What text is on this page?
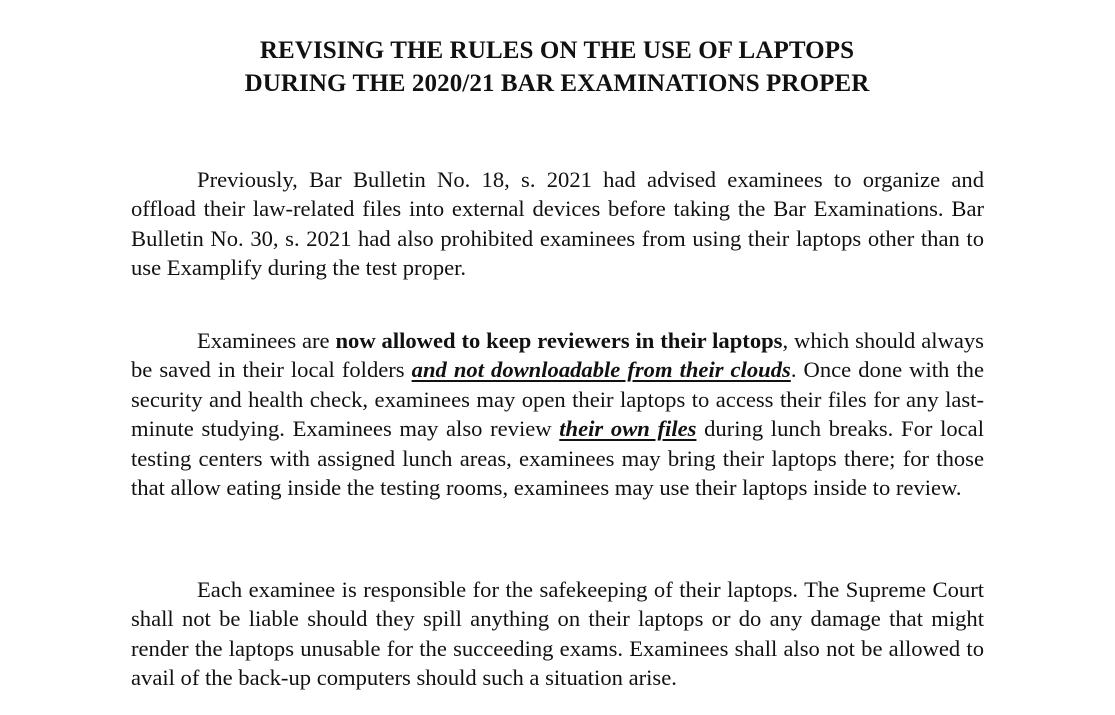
REVISING THE RULES ON THE USE OF LAPTOPS
DURING THE 2020/21 BAR EXAMINATIONS PROPER

Previously, Bar Bulletin No. 18, s. 2021 had advised examinees to organize and offload their law-related files into external devices before taking the Bar Examinations. Bar Bulletin No. 30, s. 2021 had also prohibited examinees from using their laptops other than to use Examplify during the test proper.

Examinees are now allowed to keep reviewers in their laptops, which should always be saved in their local folders and not downloadable from their clouds. Once done with the security and health check, examinees may open their laptops to access their files for any last-minute studying. Examinees may also review their own files during lunch breaks. For local testing centers with assigned lunch areas, examinees may bring their laptops there; for those that allow eating inside the testing rooms, examinees may use their laptops inside to review.

Each examinee is responsible for the safekeeping of their laptops. The Supreme Court shall not be liable should they spill anything on their laptops or do any damage that might render the laptops unusable for the succeeding exams. Examinees shall also not be allowed to avail of the back-up computers should such a situation arise.
